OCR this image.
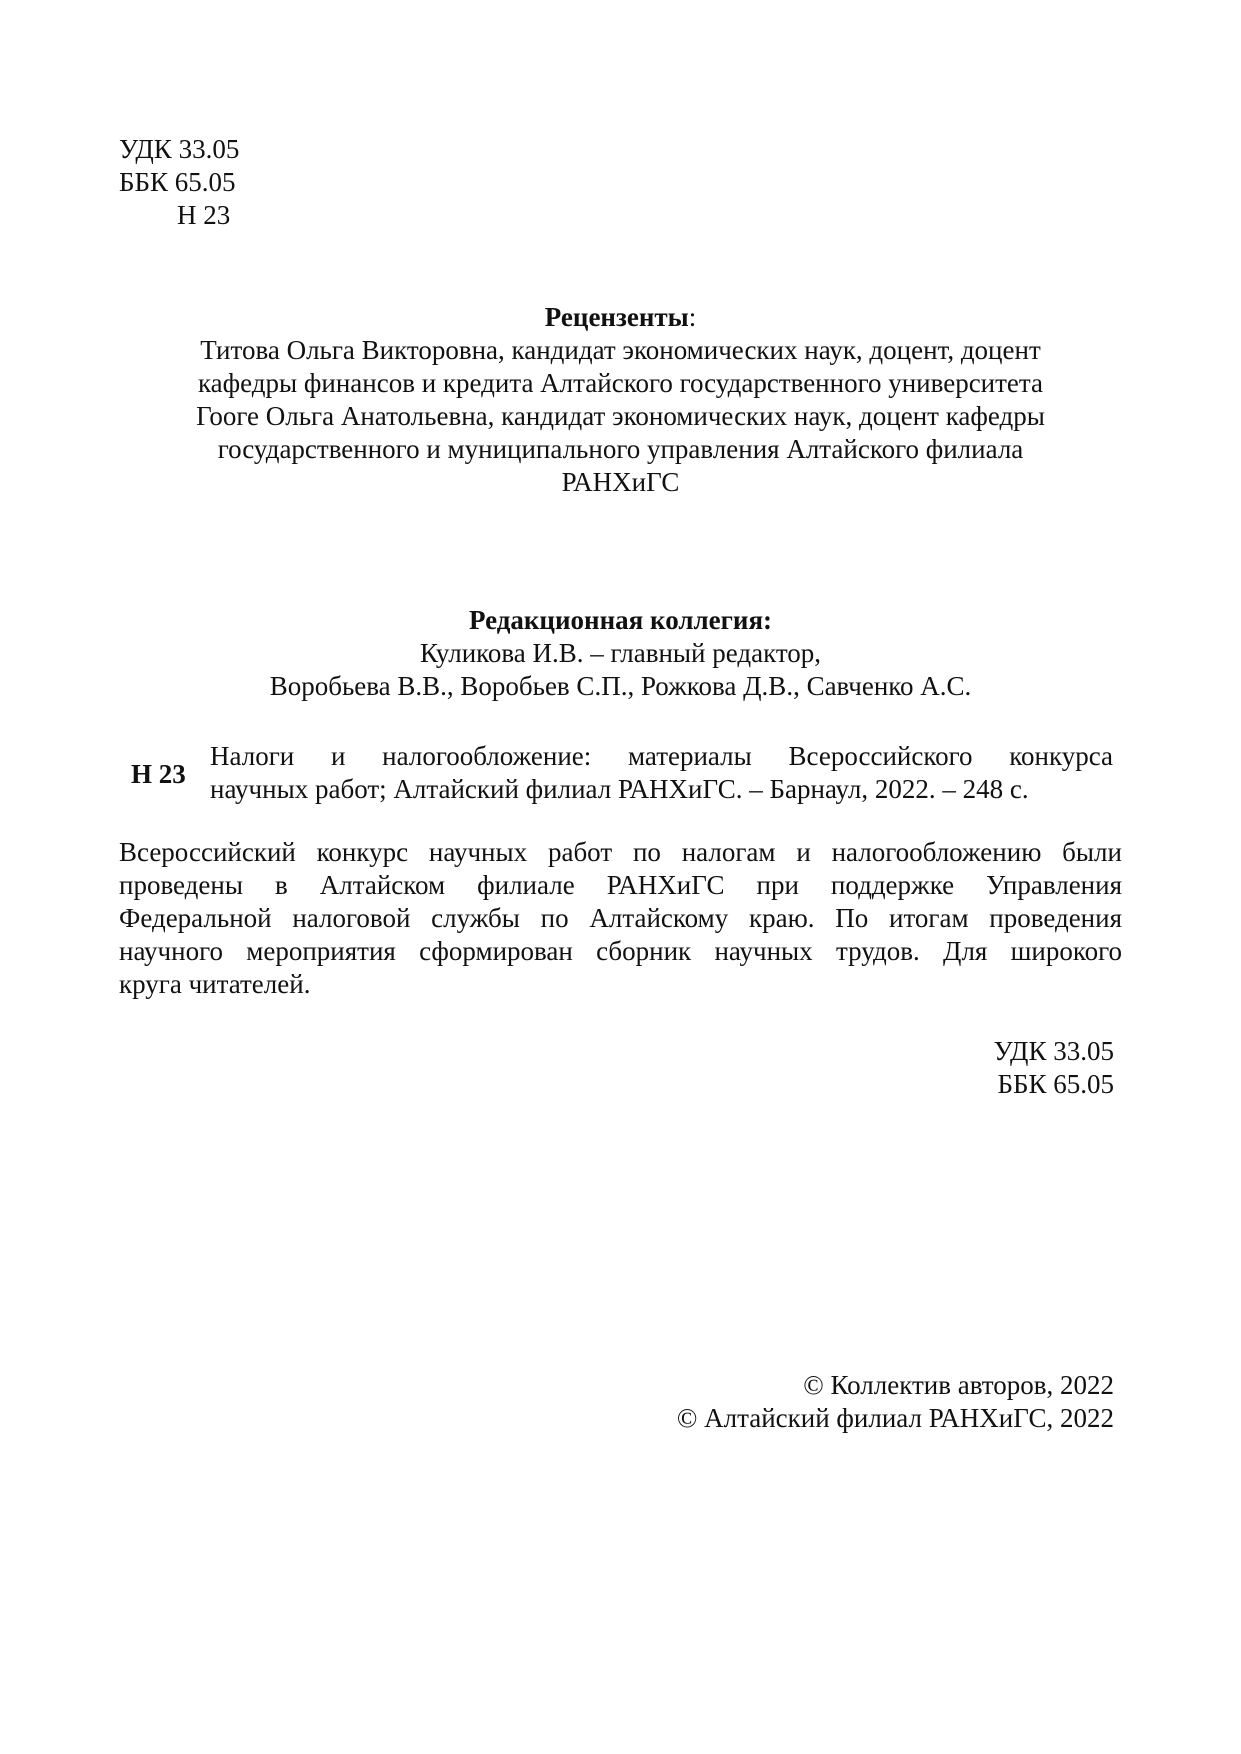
УДК 33.05
ББК 65.05
Н 23
Рецензенты:
Титова Ольга Викторовна, кандидат экономических наук, доцент, доцент
кафедры финансов и кредита Алтайского государственного университета
Гооге Ольга Анатольевна, кандидат экономических наук, доцент кафедры
государственного и муниципального управления Алтайского филиала
РАНХиГС
Редакционная коллегия:
Куликова И.В. – главный редактор,
Воробьева В.В., Воробьев С.П., Рожкова Д.В., Савченко А.С.
Н 23
Налоги и налогообложение: материалы Всероссийского конкурса
научных работ; Алтайский филиал РАНХиГС. – Барнаул, 2022. – 248 с.
Всероссийский конкурс научных работ по налогам и налогообложению были
проведены в Алтайском филиале РАНХиГС при поддержке Управления
Федеральной налоговой службы по Алтайскому краю. По итогам проведения
научного мероприятия сформирован сборник научных трудов. Для широкого
круга читателей.
УДК 33.05
ББК 65.05
© Коллектив авторов, 2022
© Алтайский филиал РАНХиГС, 2022
